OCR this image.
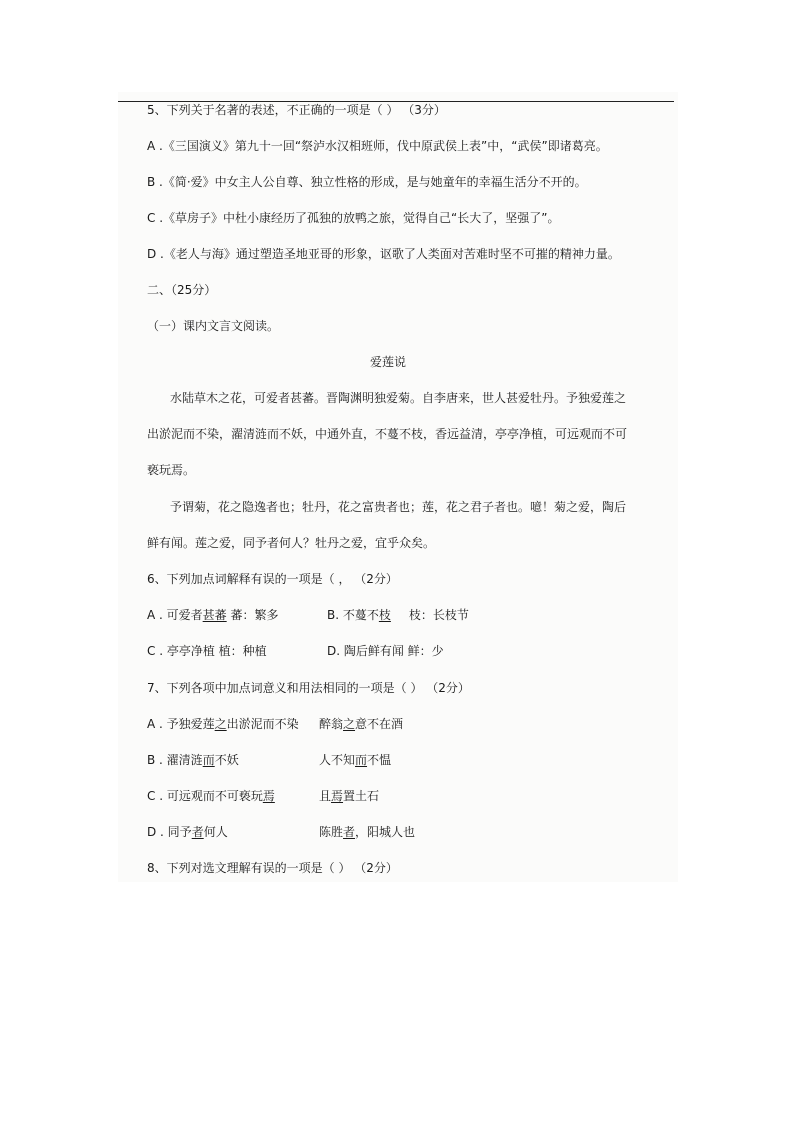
5、下列关于名著的表述，不正确的一项是（ ） （3分）
A .《三国演义》第九十一回“祭泸水汉相班师，伐中原武侯上表”中，“武侯”即诸葛亮。
B .《简·爱》中女主人公自尊、独立性格的形成，是与她童年的幸福生活分不开的。
C .《草房子》中杜小康经历了孤独的放鸭之旅，觉得自己“长大了，坚强了”。
D .《老人与海》通过塑造圣地亚哥的形象，讴歌了人类面对苦难时坚不可摧的精神力量。
二、（25分）
（一）课内文言文阅读。
爱莲说
水陆草木之花，可爱者甚蕃。晋陶渊明独爱菊。自李唐来，世人甚爱牡丹。予独爱莲之
出淤泥而不染，濯清涟而不妖，中通外直，不蔓不枝，香远益清，亭亭净植，可远观而不可
亵玩焉。
予谓菊，花之隐逸者也；牡丹，花之富贵者也；莲，花之君子者也。噫！菊之爱，陶后
鲜有闻。莲之爱，同予者何人？牡丹之爱，宜乎众矣。
6、下列加点词解释有误的一项是（ ， （2分）
A . 可爱者甚蕃 蕃：繁多	B. 不蔓不枝 枝：长枝节
C . 亭亭净植 植：种植	D. 陶后鲜有闻 鲜：少
7、下列各项中加点词意义和用法相同的一项是（ ） （2分）
A . 予独爱莲之出淤泥而不染 醉翁之意不在酒
B . 濯清涟而不妖	人不知而不愠
C . 可远观而不可亵玩焉	且焉置土石
D . 同予者何人	陈胜者，阳城人也
8、下列对选文理解有误的一项是（ ） （2分）
